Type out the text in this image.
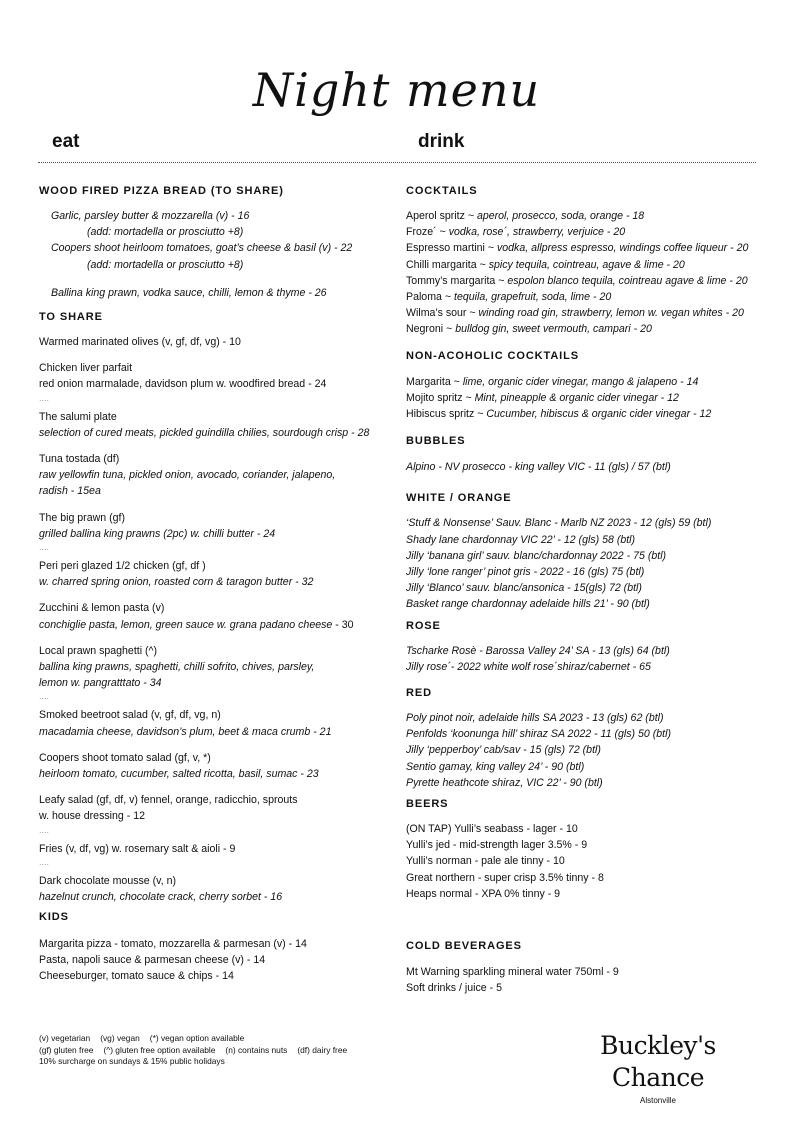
Night menu
eat	drink
WOOD FIRED PIZZA BREAD (TO SHARE)
Garlic, parsley butter & mozzarella (v) - 16
(add: mortadella or prosciutto +8)
Coopers shoot heirloom tomatoes, goat’s cheese & basil (v) - 22
(add: mortadella or prosciutto +8)
Ballina king prawn, vodka sauce, chilli, lemon & thyme - 26
TO SHARE
Warmed marinated olives (v, gf, df, vg) - 10
Chicken liver parfait
red onion marmalade, davidson plum w. woodfired bread - 24
....
The salumi plate
selection of cured meats, pickled guindilla chilies, sourdough crisp - 28
Tuna tostada (df)
raw yellowfin tuna, pickled onion, avocado, coriander, jalapeno,
radish - 15ea
The big prawn (gf)
grilled ballina king prawns (2pc) w. chilli butter - 24
....
Peri peri glazed 1/2 chicken (gf, df )
w. charred spring onion, roasted corn & taragon butter - 32
Zucchini & lemon pasta (v)
conchiglie pasta, lemon, green sauce w. grana padano cheese - 30
Local prawn spaghetti (^)
ballina king prawns, spaghetti, chilli sofrito, chives, parsley,
lemon w. pangratttato - 34
....
Smoked beetroot salad (v, gf, df, vg, n)
macadamia cheese, davidson’s plum, beet & maca crumb - 21
Coopers shoot tomato salad (gf, v, *)
heirloom tomato, cucumber, salted ricotta, basil, sumac - 23
Leafy salad (gf, df, v) fennel, orange, radicchio, sprouts
w. house dressing - 12
....
Fries (v, df, vg) w. rosemary salt & aioli - 9
....
Dark chocolate mousse (v, n)
hazelnut crunch, chocolate crack, cherry sorbet - 16
KIDS
Margarita pizza - tomato, mozzarella & parmesan (v) - 14
Pasta, napoli sauce & parmesan cheese (v) - 14
Cheeseburger, tomato sauce & chips - 14
COCKTAILS
Aperol spritz ~ aperol, prosecco, soda, orange - 18
Froze´ ~ vodka, rose´, strawberry, verjuice - 20
Espresso martini ~ vodka, allpress espresso, windings coffee liqueur - 20
Chilli margarita ~ spicy tequila, cointreau, agave & lime - 20
Tommy’s margarita ~ espolon blanco tequila, cointreau agave & lime - 20
Paloma ~ tequila, grapefruit, soda, lime - 20
Wilma’s sour ~ winding road gin, strawberry, lemon w. vegan whites - 20
Negroni ~ bulldog gin, sweet vermouth, campari - 20
NON-ACOHOLIC COCKTAILS
Margarita ~ lime, organic cider vinegar, mango & jalapeno - 14
Mojito spritz ~ Mint, pineapple & organic cider vinegar - 12
Hibiscus spritz ~ Cucumber, hibiscus & organic cider vinegar - 12
BUBBLES
Alpino - NV prosecco - king valley VIC - 11 (gls) / 57 (btl)
WHITE / ORANGE
‘Stuff & Nonsense’ Sauv. Blanc - Marlb NZ 2023 - 12 (gls) 59 (btl)
Shady lane chardonnay VIC 22’ - 12 (gls) 58 (btl)
Jilly ‘banana girl’ sauv. blanc/chardonnay 2022 - 75 (btl)
Jilly ‘lone ranger’ pinot gris - 2022 - 16 (gls) 75 (btl)
Jilly ‘Blanco’ sauv. blanc/ansonica - 15(gls) 72 (btl)
Basket range chardonnay adelaide hills 21’ - 90 (btl)
ROSE
Tscharke Rosè - Barossa Valley 24’ SA - 13 (gls) 64 (btl)
Jilly rose´- 2022 white wolf rose´shiraz/cabernet - 65
RED
Poly pinot noir, adelaide hills SA 2023 - 13 (gls) 62 (btl)
Penfolds ‘koonunga hill’ shiraz SA 2022 - 11 (gls) 50 (btl)
Jilly ‘pepperboy’ cab/sav - 15 (gls) 72 (btl)
Sentio gamay, king valley 24’ - 90 (btl)
Pyrette heathcote shiraz, VIC 22’ - 90 (btl)
BEERS
(ON TAP) Yulli’s seabass - lager - 10
Yulli’s jed - mid-strength lager 3.5% - 9
Yulli’s norman - pale ale tinny - 10
Great northern - super crisp 3.5% tinny - 8
Heaps normal - XPA 0% tinny - 9
COLD BEVERAGES
Mt Warning sparkling mineral water 750ml - 9
Soft drinks / juice - 5
(v) vegetarian (vg) vegan (*) vegan option available
(gf) gluten free (^) gluten free option available (n) contains nuts (df) dairy free
10% surcharge on sundays & 15% public holidays
Buckley's Chance
Alstonville
